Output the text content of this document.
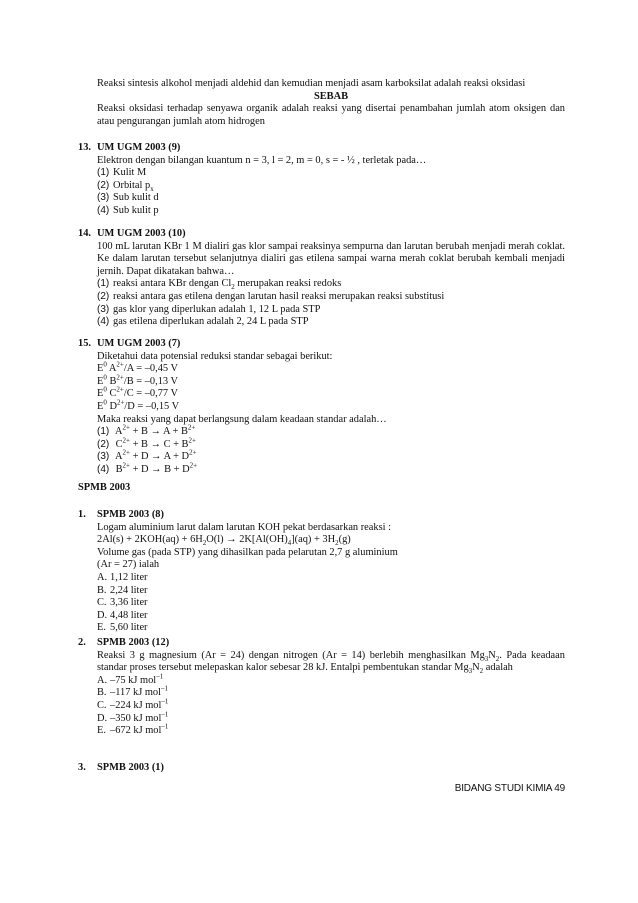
Reaksi sintesis alkohol menjadi aldehid dan kemudian menjadi asam karboksilat adalah reaksi oksidasi
SEBAB
Reaksi oksidasi terhadap senyawa organik adalah reaksi yang disertai penambahan jumlah atom oksigen dan atau pengurangan jumlah atom hidrogen
13. UM UGM 2003 (9)
Elektron dengan bilangan kuantum n = 3, l = 2, m = 0, s = - ½ , terletak pada…
(1) Kulit M
(2) Orbital $p_x$
(3) Sub kulit d
(4) Sub kulit p
14. UM UGM 2003 (10)
100 mL larutan KBr 1 M dialiri gas klor sampai reaksinya sempurna dan larutan berubah menjadi merah coklat. Ke dalam larutan tersebut selanjutnya dialiri gas etilena sampai warna merah coklat berubah kembali menjadi jernih. Dapat dikatakan bahwa…
(1) reaksi antara KBr dengan $Cl_2$ merupakan reaksi redoks
(2) reaksi antara gas etilena dengan larutan hasil reaksi merupakan reaksi substitusi
(3) gas klor yang diperlukan adalah 1, 12 L pada STP
(4) gas etilena diperlukan adalah 2, 24 L pada STP
15. UM UGM 2003 (7)
Diketahui data potensial reduksi standar sebagai berikut:
$E^0$ $A^{2+}/A = -0,45$ V
$E^0$ $B^{2+}/B = -0,13$ V
$E^0$ $C^{2+}/C = -0,77$ V
$E^0$ $D^{2+}/D = -0,15$ V
Maka reaksi yang dapat berlangsung dalam keadaan standar adalah…
(1) $A^{2+} + B \to A + B^{2+}$
(2) $C^{2+} + B \to C + B^{2+}$
(3) $A^{2+} + D \to A + D^{2+}$
(4) $B^{2+} + D \to B + D^{2+}$
SPMB 2003
1. SPMB 2003 (8)
Logam aluminium larut dalam larutan KOH pekat berdasarkan reaksi :
$2Al(s) + 2KOH(aq) + 6H_2O(l) \to 2K[Al(OH)_4](aq) + 3H_2(g)$
Volume gas (pada STP) yang dihasilkan pada pelarutan 2,7 g aluminium
(Ar = 27) ialah
A. 1,12 liter
B. 2,24 liter
C. 3,36 liter
D. 4,48 liter
E. 5,60 liter
2. SPMB 2003 (12)
Reaksi 3 g magnesium (Ar = 24) dengan nitrogen (Ar = 14) berlebih menghasilkan $Mg_3N_2$. Pada keadaan standar proses tersebut melepaskan kalor sebesar 28 kJ. Entalpi pembentukan standar $Mg_3N_2$ adalah
A. –75 kJ mol$^{-1}$
B. –117 kJ mol$^{-1}$
C. –224 kJ mol$^{-1}$
D. –350 kJ mol$^{-1}$
E. –672 kJ mol$^{-1}$
3. SPMB 2003 (1)
BIDANG STUDI KIMIA 49
